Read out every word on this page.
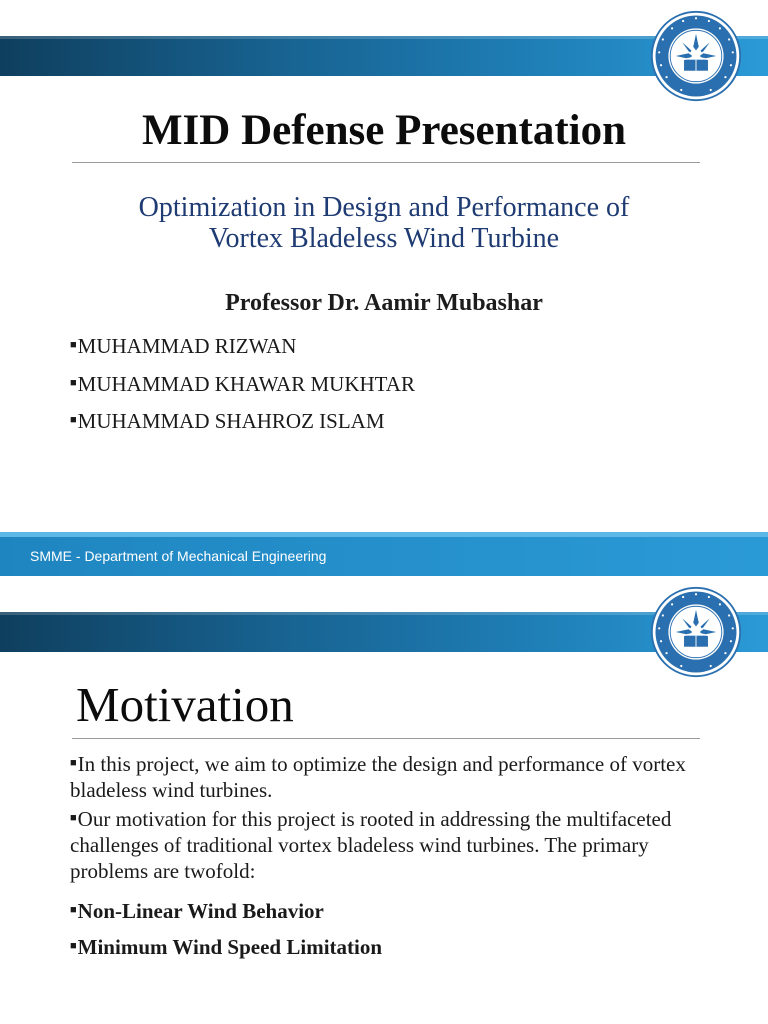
MID Defense Presentation
Optimization in Design and Performance of
Vortex Bladeless Wind Turbine
Professor Dr. Aamir Mubashar
■MUHAMMAD RIZWAN
■MUHAMMAD KHAWAR MUKHTAR
■MUHAMMAD SHAHROZ ISLAM
SMME - Department of Mechanical Engineering
Motivation
■In this project, we aim to optimize the design and performance of vortex bladeless wind turbines.
■Our motivation for this project is rooted in addressing the multifaceted challenges of traditional vortex bladeless wind turbines. The primary problems are twofold:
■Non-Linear Wind Behavior
■Minimum Wind Speed Limitation
